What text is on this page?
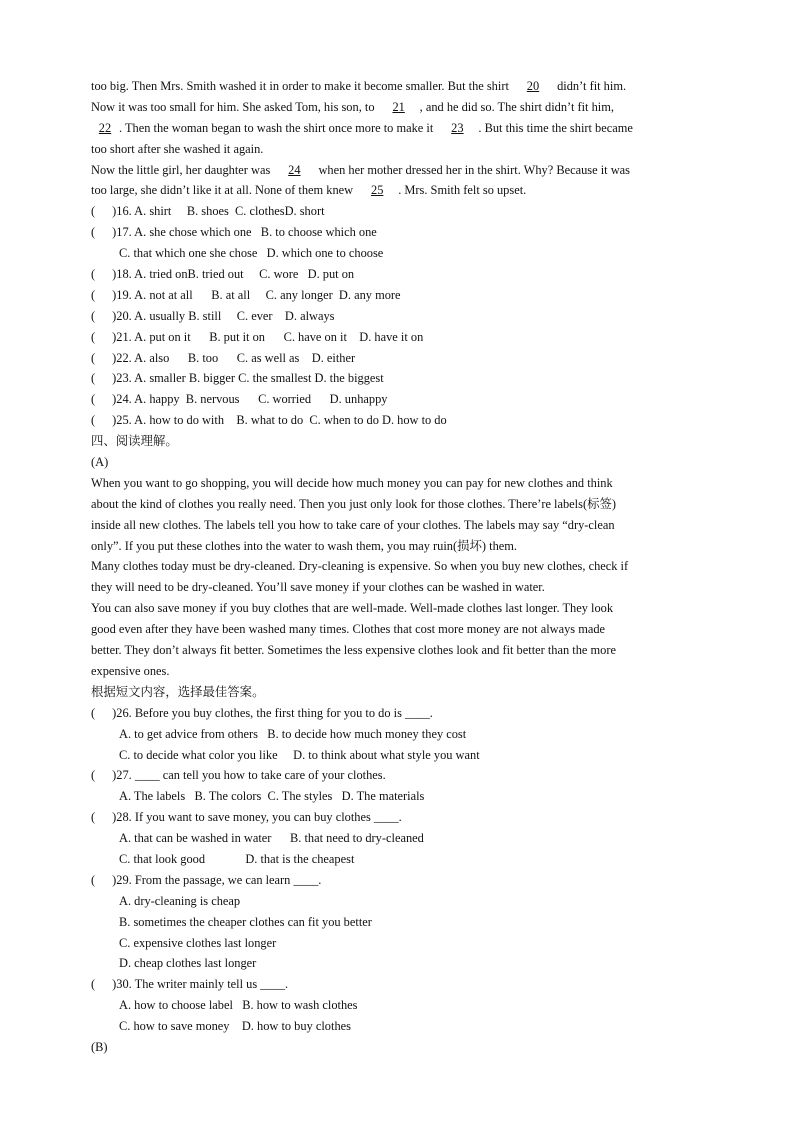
too big. Then Mrs. Smith washed it in order to make it become smaller. But the shirt 20 didn’t fit him.
Now it was too small for him. She asked Tom, his son, to 21 , and he did so. The shirt didn’t fit him,
22 . Then the woman began to wash the shirt once more to make it 23 . But this time the shirt became
too short after she washed it again.
Now the little girl, her daughter was 24 when her mother dressed her in the shirt. Why? Because it was
too large, she didn’t like it at all. None of them knew 25 . Mrs. Smith felt so upset.
( )16. A. shirt     B. shoes  C. clothesD. short
( )17. A. she chose which one   B. to choose which one
C. that which one she chose   D. which one to choose
( )18. A. tried onB. tried out     C. wore   D. put on
( )19. A. not at all      B. at all     C. any longer  D. any more
( )20. A. usually B. still     C. ever    D. always
( )21. A. put on it      B. put it on      C. have on it    D. have it on
( )22. A. also      B. too      C. as well as    D. either
( )23. A. smaller B. bigger C. the smallest D. the biggest
( )24. A. happy  B. nervous      C. worried      D. unhappy
( )25. A. how to do with    B. what to do  C. when to do D. how to do
四、阅读理解。
(A)
When you want to go shopping, you will decide how much money you can pay for new clothes and think
about the kind of clothes you really need. Then you just only look for those clothes. There’re labels(标签)
inside all new clothes. The labels tell you how to take care of your clothes. The labels may say “dry-clean
only”. If you put these clothes into the water to wash them, you may ruin(损坏) them.
Many clothes today must be dry-cleaned. Dry-cleaning is expensive. So when you buy new clothes, check if
they will need to be dry-cleaned. You’ll save money if your clothes can be washed in water.
You can also save money if you buy clothes that are well-made. Well-made clothes last longer. They look
good even after they have been washed many times. Clothes that cost more money are not always made
better. They don’t always fit better. Sometimes the less expensive clothes look and fit better than the more
expensive ones.
根据短文内容，选择最佳答案。
( )26. Before you buy clothes, the first thing for you to do is ____.
A. to get advice from others   B. to decide how much money they cost
C. to decide what color you like     D. to think about what style you want
( )27. ____ can tell you how to take care of your clothes.
A. The labels   B. The colors  C. The styles   D. The materials
( )28. If you want to save money, you can buy clothes ____.
A. that can be washed in water      B. that need to dry-cleaned
C. that look good             D. that is the cheapest
( )29. From the passage, we can learn ____.
A. dry-cleaning is cheap
B. sometimes the cheaper clothes can fit you better
C. expensive clothes last longer
D. cheap clothes last longer
( )30. The writer mainly tell us ____.
A. how to choose label   B. how to wash clothes
C. how to save money    D. how to buy clothes
(B)
